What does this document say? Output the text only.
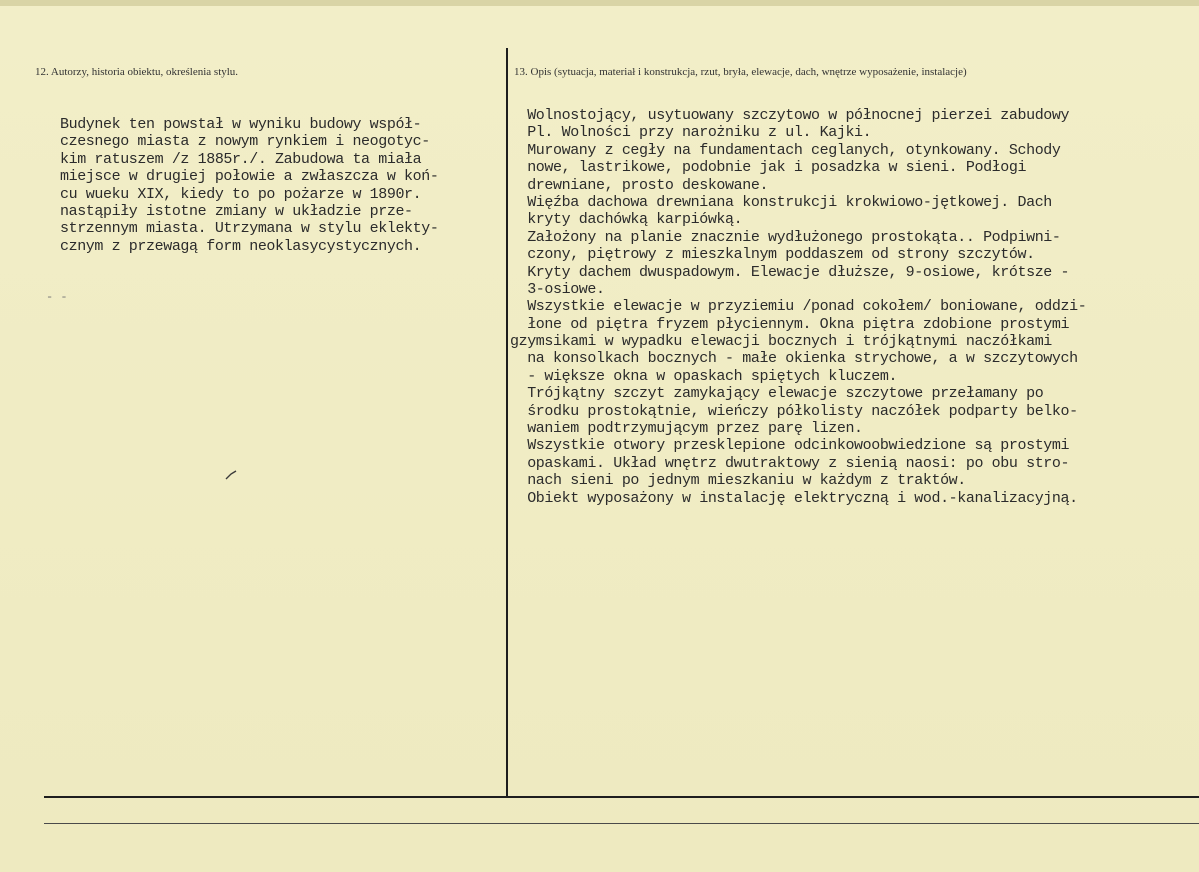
12. Autorzy, historia obiektu, określenia stylu.	13. Opis (sytuacja, materiał i konstrukcja, rzut, bryła, elewacje, dach, wnętrze wyposażenie, instalacje)
Budynek ten powstał w wyniku budowy współ-
czesnego miasta z nowym rynkiem i neogotyc-
kim ratuszem /z 1885r./. Zabudowa ta miała
miejsce w drugiej połowie a zwłaszcza w koń-
cu wueku XIX, kiedy to po pożarze w 1890r.
nastąpiły istotne zmiany w układzie prze-
strzennym miasta. Utrzymana w stylu eklekty-
cznym z przewagą form neoklasycystycznych.
Wolnostojący, usytuowany szczytowo w północnej pierzei zabudowy
Pl. Wolności przy narożniku z ul. Kajki.
Murowany z cegły na fundamentach ceglanych, otynkowany. Schody
nowe, lastrikowe, podobnie jak i posadzka w sieni. Podłogi
drewniane, prosto deskowane.
Więźba dachowa drewniana konstrukcji krokwiowo-jętkowej. Dach
kryty dachówką karpiówką.
Założony na planie znacznie wydłużonego prostokąta.. Podpiwni-
czony, piętrowy z mieszkalnym poddaszem od strony szczytów.
Kryty dachem dwuspadowym. Elewacje dłuższe, 9-osiowe, krótsze -
3-osiowe.
Wszystkie elewacje w przyziemiu /ponad cokołem/ boniowane, oddzi-
łone od piętra fryzem płyciennym. Okna piętra zdobione prostymi
gzymsikami w wypadku elewacji bocznych i trójkątnymi naczółkami
na konsolkach bocznych - małe okienka strychowe, a w szczytowych
- większe okna w opaskach spiętych kluczem.
Trójkątny szczyt zamykający elewacje szczytowe przełamany po
środku prostokątnie, wieńczy półkolisty naczółek podparty belko-
waniem podtrzymującym przez parę lizen.
Wszystkie otwory przesklepione odcinkowoobwiedzione są prostymi
opaskami. Układ wnętrz dwutraktowy z sienią naosi: po obu stro-
nach sieni po jednym mieszkaniu w każdym z traktów.
Obiekt wyposażony w instalację elektryczną i wod.-kanalizacyjną.
- -
